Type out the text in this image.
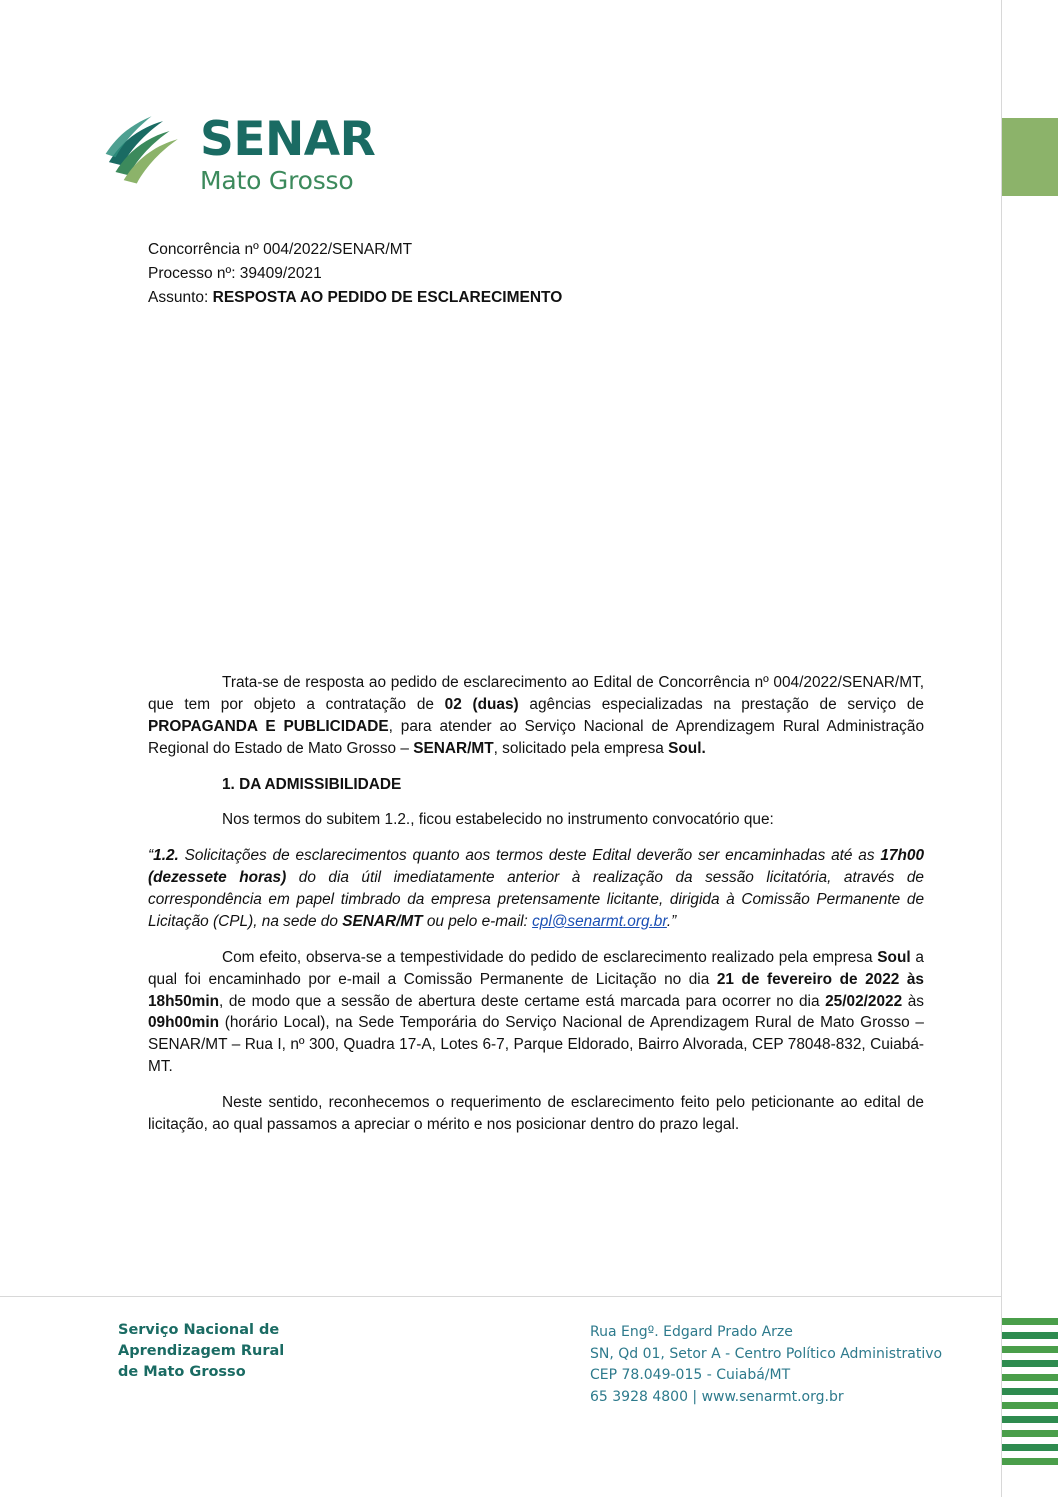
SENAR
Mato Grosso
Concorrência nº 004/2022/SENAR/MT
Processo nº: 39409/2021
Assunto: RESPOSTA AO PEDIDO DE ESCLARECIMENTO

Trata-se de resposta ao pedido de esclarecimento ao Edital de Concorrência nº 004/2022/SENAR/MT, que tem por objeto a contratação de 02 (duas) agências especializadas na prestação de serviço de PROPAGANDA E PUBLICIDADE, para atender ao Serviço Nacional de Aprendizagem Rural Administração Regional do Estado de Mato Grosso – SENAR/MT, solicitado pela empresa Soul.

1. DA ADMISSIBILIDADE

Nos termos do subitem 1.2., ficou estabelecido no instrumento convocatório que:

“1.2. Solicitações de esclarecimentos quanto aos termos deste Edital deverão ser encaminhadas até as 17h00 (dezessete horas) do dia útil imediatamente anterior à realização da sessão licitatória, através de correspondência em papel timbrado da empresa pretensamente licitante, dirigida à Comissão Permanente de Licitação (CPL), na sede do SENAR/MT ou pelo e-mail: cpl@senarmt.org.br.”

Com efeito, observa-se a tempestividade do pedido de esclarecimento realizado pela empresa Soul a qual foi encaminhado por e-mail a Comissão Permanente de Licitação no dia 21 de fevereiro de 2022 às 18h50min, de modo que a sessão de abertura deste certame está marcada para ocorrer no dia 25/02/2022 às 09h00min (horário Local), na Sede Temporária do Serviço Nacional de Aprendizagem Rural de Mato Grosso – SENAR/MT – Rua I, nº 300, Quadra 17-A, Lotes 6-7, Parque Eldorado, Bairro Alvorada, CEP 78048-832, Cuiabá-MT.

Neste sentido, reconhecemos o requerimento de esclarecimento feito pelo peticionante ao edital de licitação, ao qual passamos a apreciar o mérito e nos posicionar dentro do prazo legal.

Serviço Nacional de
Aprendizagem Rural
de Mato Grosso
Rua Engº. Edgard Prado Arze
SN, Qd 01, Setor A - Centro Político Administrativo
CEP 78.049-015 - Cuiabá/MT
65 3928 4800 | www.senarmt.org.br
